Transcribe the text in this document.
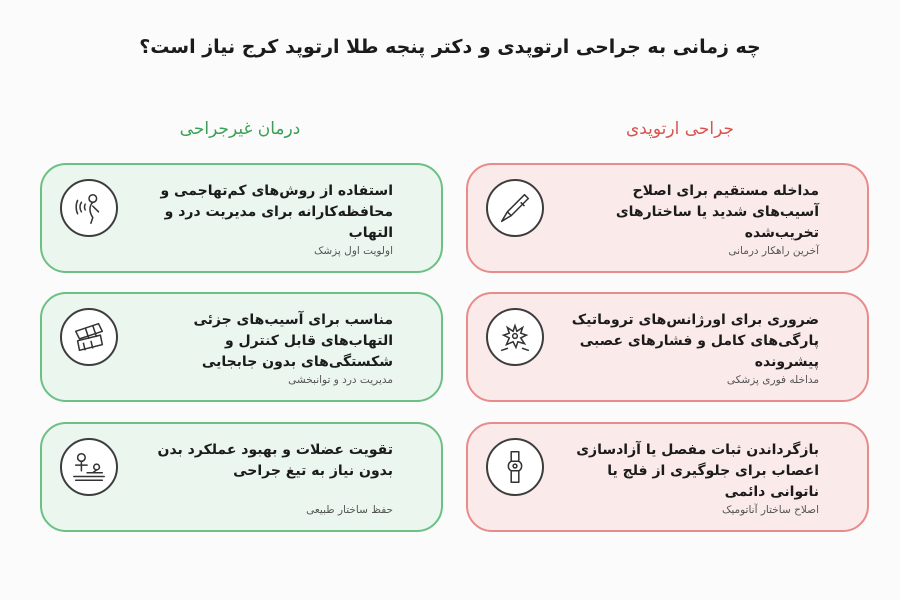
چه زمانی به جراحی ارتوپدی و دکتر پنجه طلا ارتوپد کرج نیاز است؟
درمان غیرجراحی	جراحی ارتوپدی
استفاده از روش‌های کم‌تهاجمی و محافظه‌کارانه برای مدیریت درد و التهاب
اولویت اول پزشک
مناسب برای آسیب‌های جزئی التهاب‌های قابل کنترل و شکستگی‌های بدون جابجایی
مدیریت درد و توانبخشی
تقویت عضلات و بهبود عملکرد بدن بدون نیاز به تیغ جراحی
حفظ ساختار طبیعی
مداخله مستقیم برای اصلاح آسیب‌های شدید یا ساختارهای تخریب‌شده
آخرین راهکار درمانی
ضروری برای اورژانس‌های تروماتیک پارگی‌های کامل و فشارهای عصبی پیشرونده
مداخله فوری پزشکی
بازگرداندن ثبات مفصل یا آزادسازی اعصاب برای جلوگیری از فلج یا ناتوانی دائمی
اصلاح ساختار آناتومیک
